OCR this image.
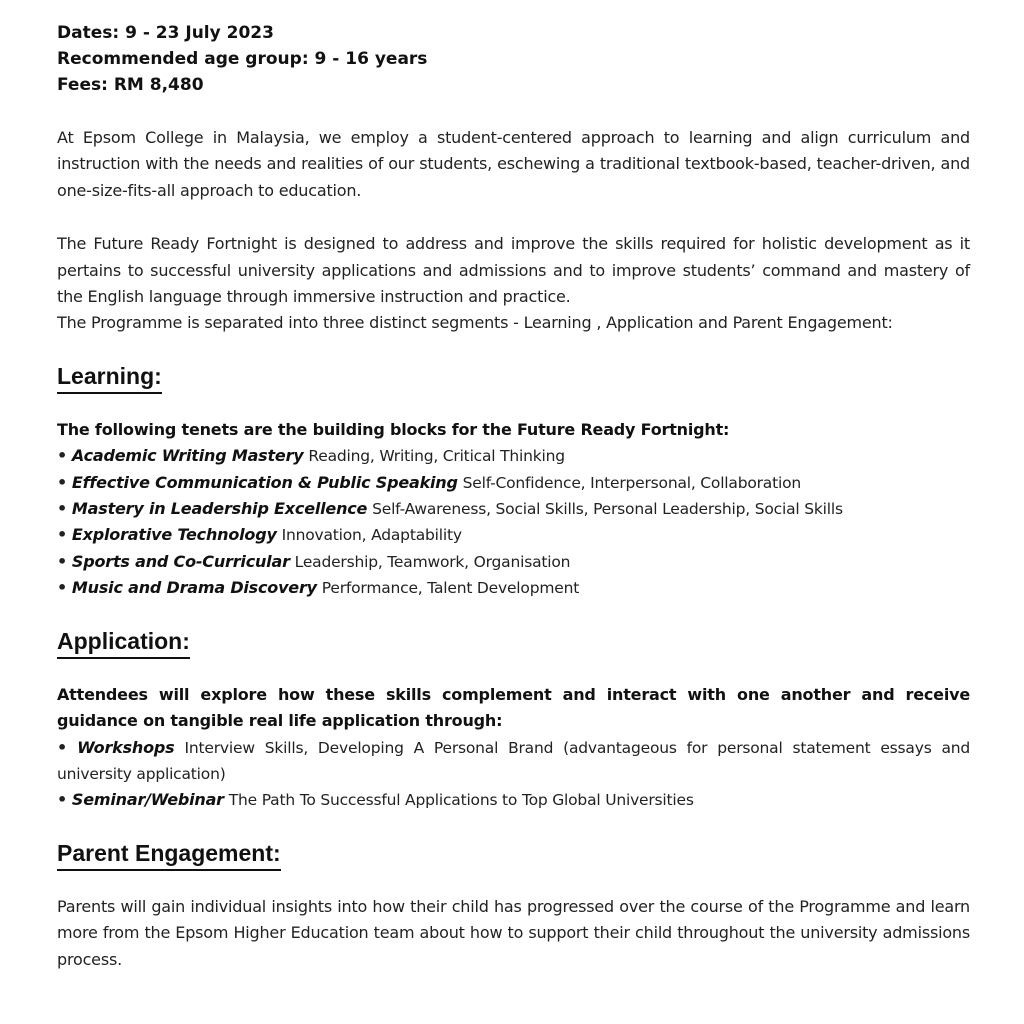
Dates: 9 - 23 July 2023
Recommended age group: 9 - 16 years
Fees: RM 8,480

At Epsom College in Malaysia, we employ a student-centered approach to learning and align curriculum and instruction with the needs and realities of our students, eschewing a traditional textbook-based, teacher-driven, and one-size-fits-all approach to education.

The Future Ready Fortnight is designed to address and improve the skills required for holistic development as it pertains to successful university applications and admissions and to improve students’ command and mastery of the English language through immersive instruction and practice.

The Programme is separated into three distinct segments - Learning , Application and Parent Engagement:

Learning:
The following tenets are the building blocks for the Future Ready Fortnight:
• Academic Writing Mastery Reading, Writing, Critical Thinking
• Effective Communication & Public Speaking Self-Confidence, Interpersonal, Collaboration
• Mastery in Leadership Excellence Self-Awareness, Social Skills, Personal Leadership, Social Skills
• Explorative Technology Innovation, Adaptability
• Sports and Co-Curricular Leadership, Teamwork, Organisation
• Music and Drama Discovery Performance, Talent Development
Application:
Attendees will explore how these skills complement and interact with one another and receive guidance on tangible real life application through:
• Workshops Interview Skills, Developing A Personal Brand (advantageous for personal statement essays and university application)
• Seminar/Webinar The Path To Successful Applications to Top Global Universities
Parent Engagement:

Parents will gain individual insights into how their child has progressed over the course of the Programme and learn more from the Epsom Higher Education team about how to support their child throughout the university admissions process.
